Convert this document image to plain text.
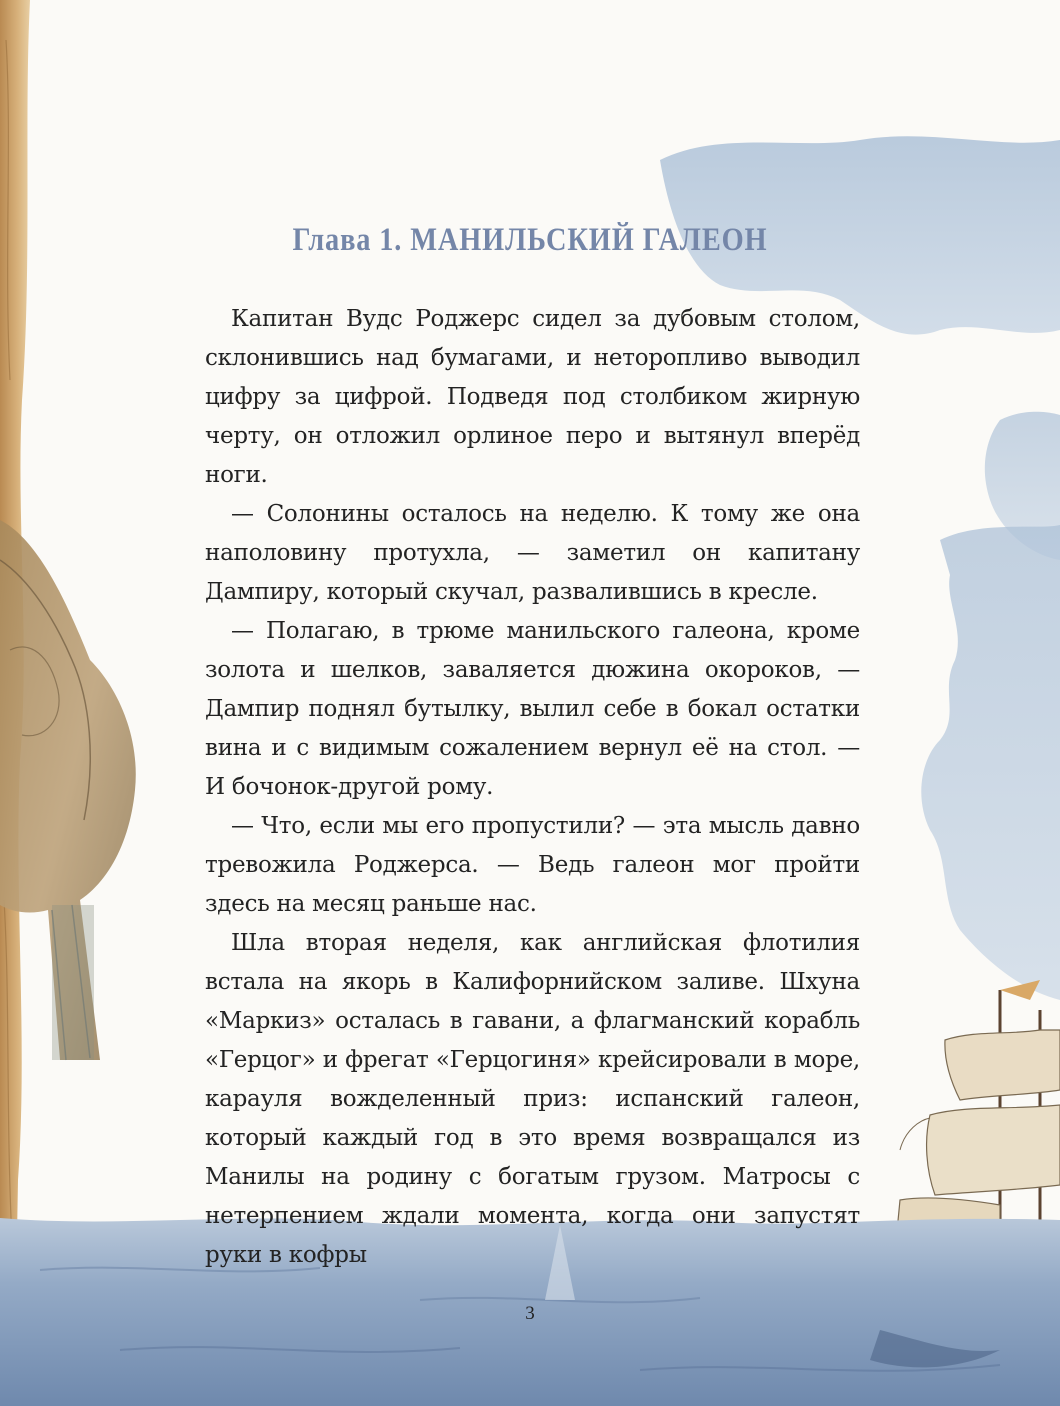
Глава 1. МАНИЛЬСКИЙ ГАЛЕОН

Капитан Вудс Роджерс сидел за дубовым столом, склонившись над бумагами, и неторопливо выводил цифру за цифрой. Подведя под столбиком жирную черту, он отложил орлиное перо и вытянул вперёд ноги.

— Солонины осталось на неделю. К тому же она наполовину протухла, — заметил он капитану Дампиру, который скучал, развалившись в кресле.

— Полагаю, в трюме манильского галеона, кроме золота и шелков, заваляется дюжина окороков, — Дампир поднял бутылку, вылил себе в бокал остатки вина и с видимым сожалением вернул её на стол. — И бочонок-другой рому.

— Что, если мы его пропустили? — эта мысль давно тревожила Роджерса. — Ведь галеон мог пройти здесь на месяц раньше нас.

Шла вторая неделя, как английская флотилия встала на якорь в Калифорнийском заливе. Шхуна «Маркиз» осталась в гавани, а флагманский корабль «Герцог» и фрегат «Герцогиня» крейсировали в море, карауля вожделенный приз: испанский галеон, который каждый год в это время возвращался из Манилы на родину с богатым грузом. Матросы с нетерпением ждали момента, когда они запустят руки в кофры

3
